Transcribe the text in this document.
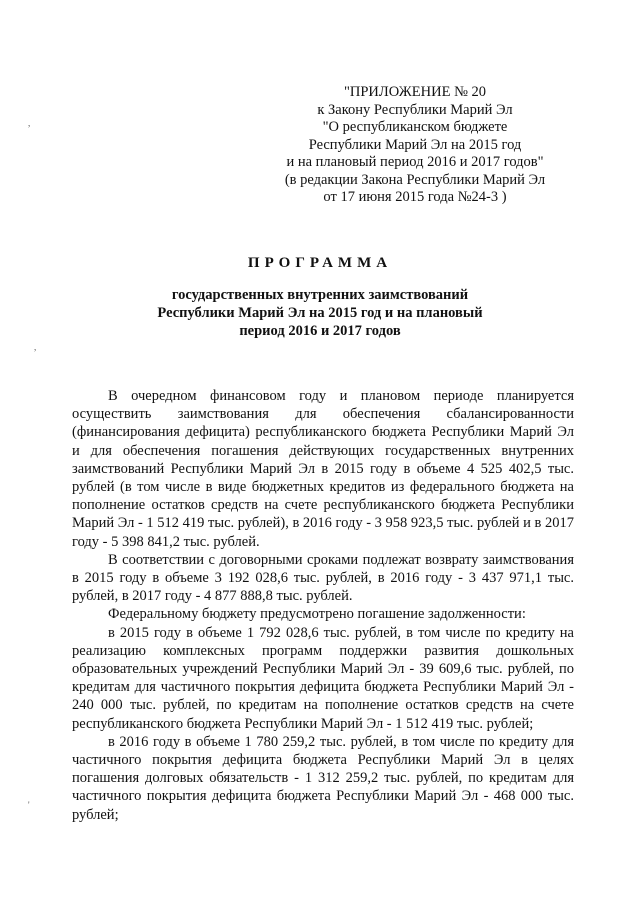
"ПРИЛОЖЕНИЕ № 20
к Закону Республики Марий Эл
"О республиканском бюджете
Республики Марий Эл на 2015 год
и на плановый период 2016 и 2017 годов"
(в редакции Закона Республики Марий Эл
от 17 июня 2015 года №24-3 )
ПРОГРАММА
государственных внутренних заимствований
Республики Марий Эл на 2015 год и на плановый
период 2016 и 2017 годов

В очередном финансовом году и плановом периоде планируется осуществить заимствования для обеспечения сбалансированности (финансирования дефицита) республиканского бюджета Республики Марий Эл и для обеспечения погашения действующих государственных внутренних заимствований Республики Марий Эл в 2015 году в объеме 4 525 402,5 тыс. рублей (в том числе в виде бюджетных кредитов из федерального бюджета на пополнение остатков средств на счете республиканского бюджета Республики Марий Эл - 1 512 419 тыс. рублей), в 2016 году - 3 958 923,5 тыс. рублей и в 2017 году - 5 398 841,2 тыс. рублей.

В соответствии с договорными сроками подлежат возврату заимствования в 2015 году в объеме 3 192 028,6 тыс. рублей, в 2016 году - 3 437 971,1 тыс. рублей, в 2017 году - 4 877 888,8 тыс. рублей.

Федеральному бюджету предусмотрено погашение задолженности:

в 2015 году в объеме 1 792 028,6 тыс. рублей, в том числе по кредиту на реализацию комплексных программ поддержки развития дошкольных образовательных учреждений Республики Марий Эл - 39 609,6 тыс. рублей, по кредитам для частичного покрытия дефицита бюджета Республики Марий Эл - 240 000 тыс. рублей, по кредитам на пополнение остатков средств на счете республиканского бюджета Республики Марий Эл - 1 512 419 тыс. рублей;

в 2016 году в объеме 1 780 259,2 тыс. рублей, в том числе по кредиту для частичного покрытия дефицита бюджета Республики Марий Эл в целях погашения долговых обязательств - 1 312 259,2 тыс. рублей, по кредитам для частичного покрытия дефицита бюджета Республики Марий Эл - 468 000 тыс. рублей;

,
,
'
